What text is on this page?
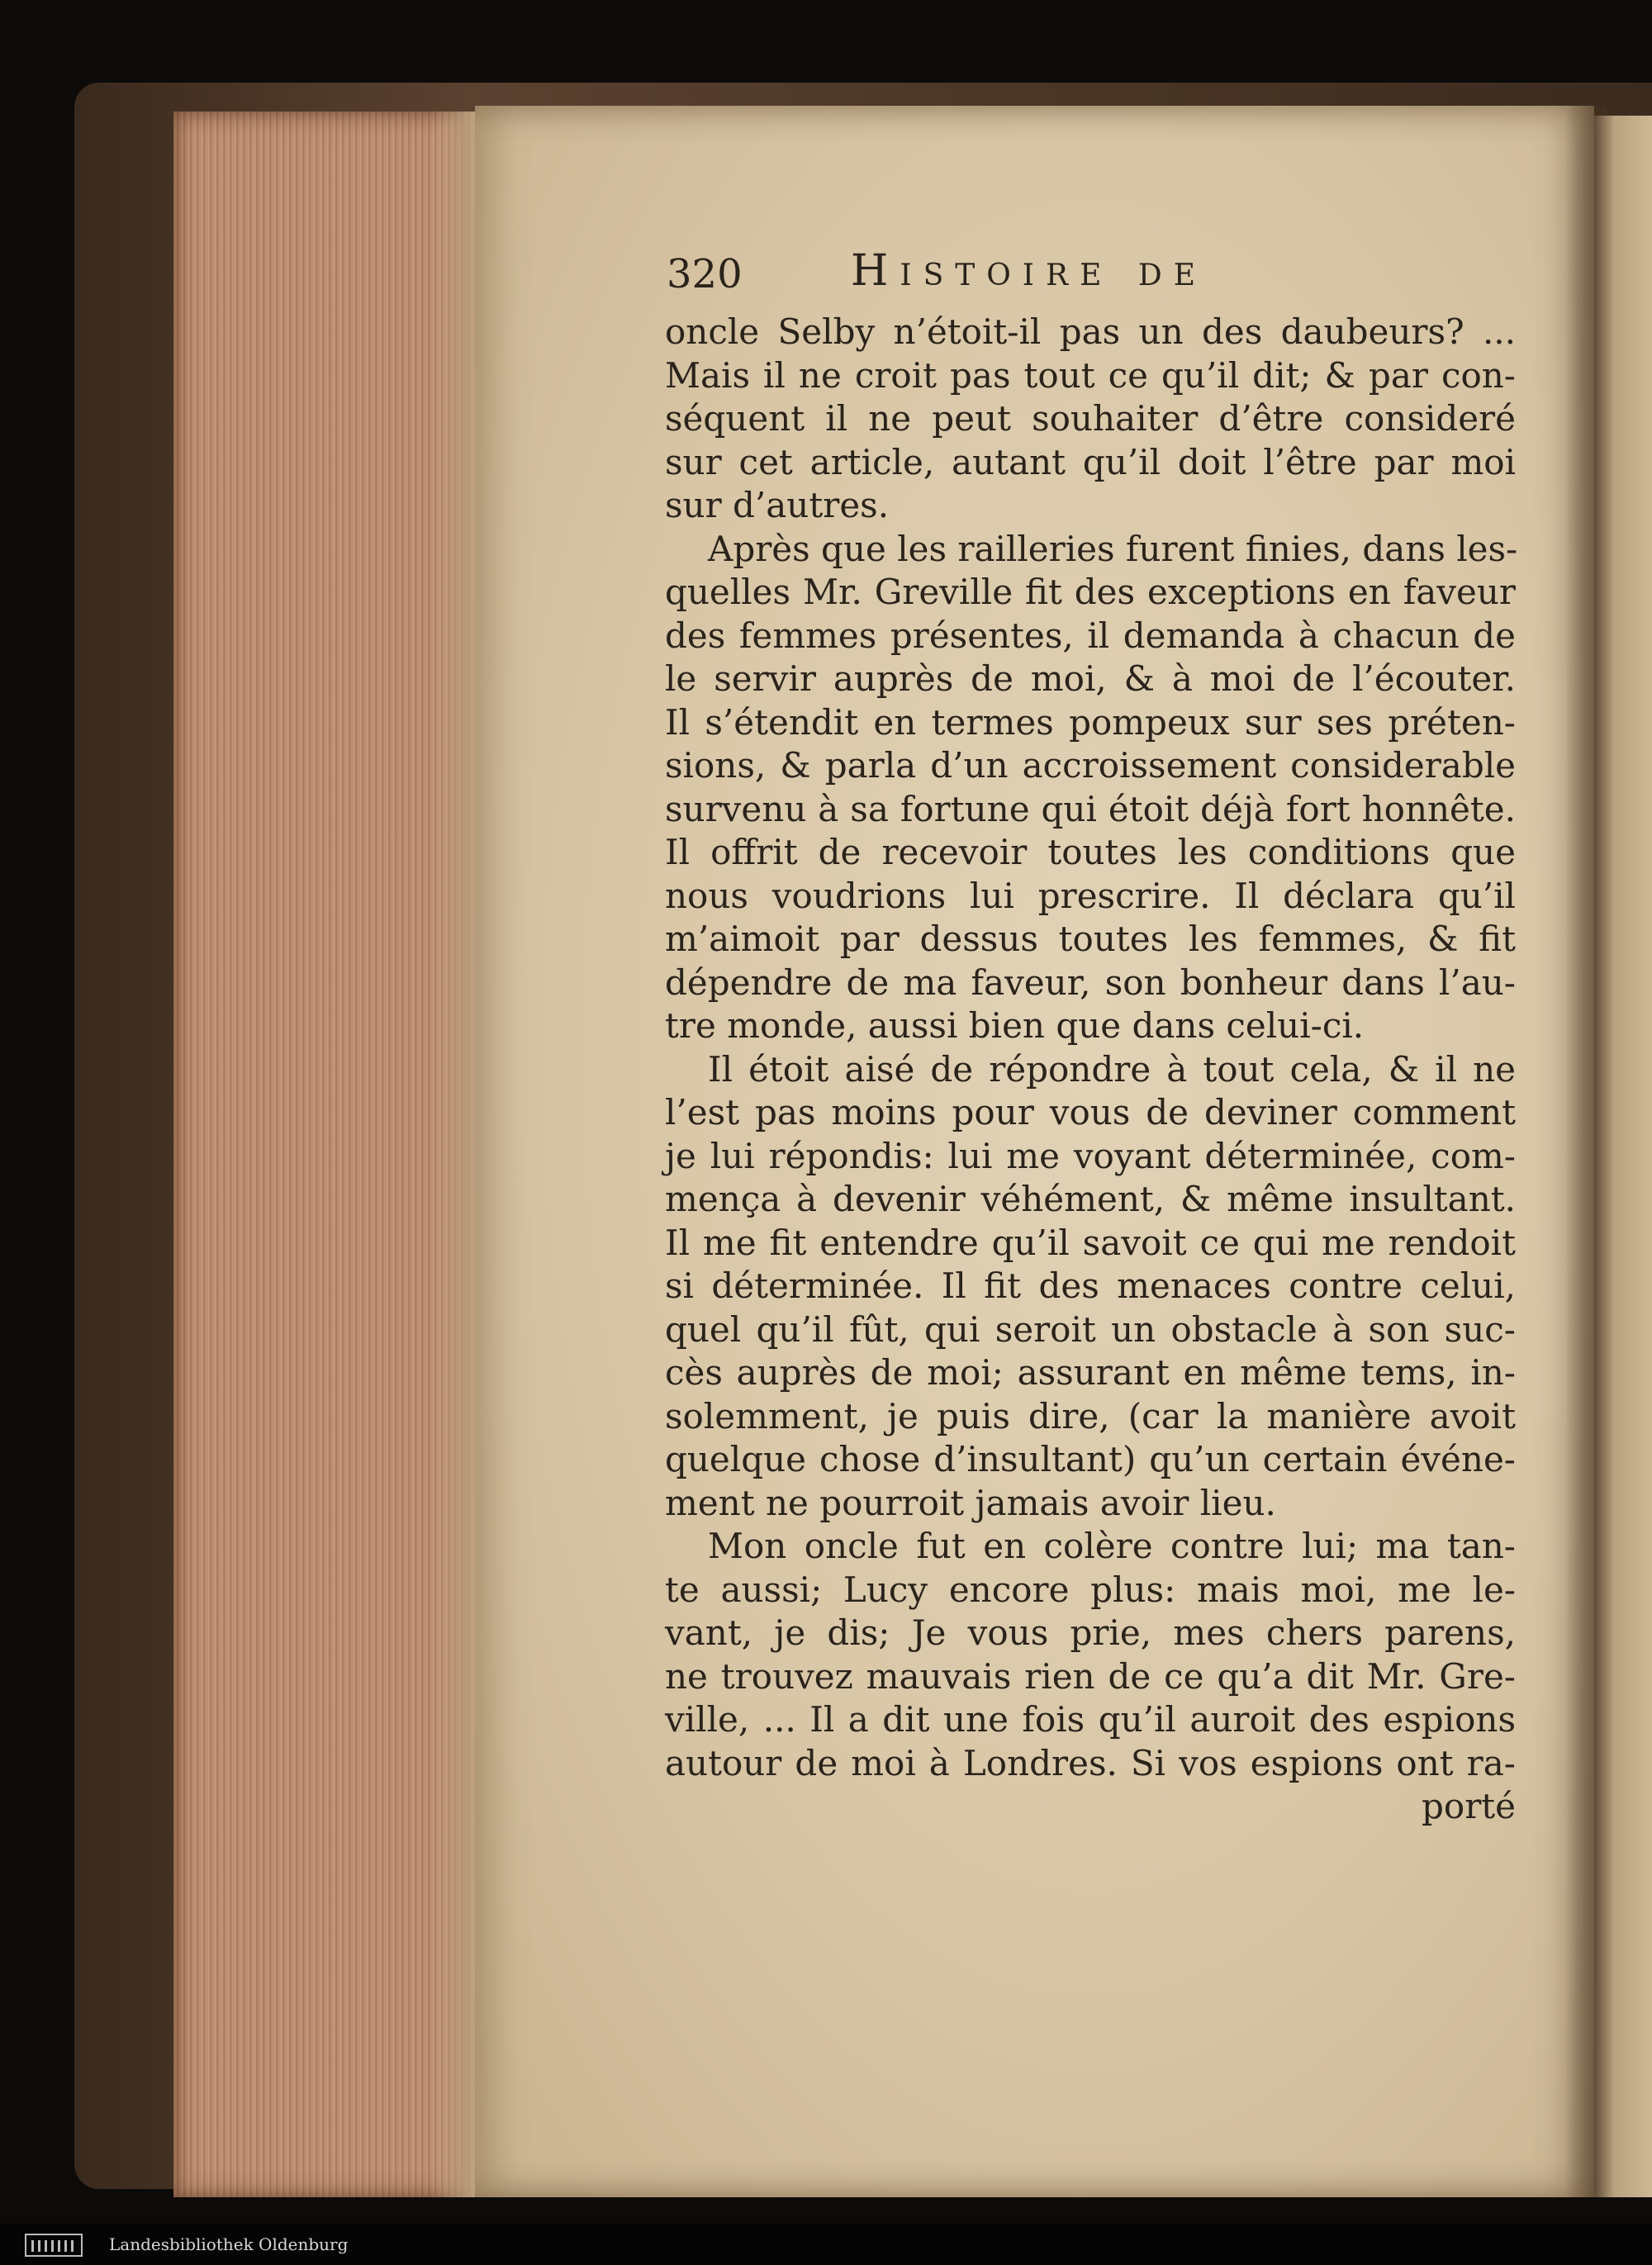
320	Histoire de
oncle Selby n’étoit-il pas un des daubeurs? ...
Mais il ne croit pas tout ce qu’il dit; & par con-
séquent il ne peut souhaiter d’être consideré
sur cet article, autant qu’il doit l’être par moi
sur d’autres.
Après que les railleries furent finies, dans les-
quelles Mr. Greville fit des exceptions en faveur
des femmes présentes, il demanda à chacun de
le servir auprès de moi, & à moi de l’écouter.
Il s’étendit en termes pompeux sur ses préten-
sions, & parla d’un accroissement considerable
survenu à sa fortune qui étoit déjà fort honnête.
Il offrit de recevoir toutes les conditions que
nous voudrions lui prescrire. Il déclara qu’il
m’aimoit par dessus toutes les femmes, & fit
dépendre de ma faveur, son bonheur dans l’au-
tre monde, aussi bien que dans celui-ci.
Il étoit aisé de répondre à tout cela, & il ne
l’est pas moins pour vous de deviner comment
je lui répondis: lui me voyant déterminée, com-
mença à devenir véhément, & même insultant.
Il me fit entendre qu’il savoit ce qui me rendoit
si déterminée. Il fit des menaces contre celui,
quel qu’il fût, qui seroit un obstacle à son suc-
cès auprès de moi; assurant en même tems, in-
solemment, je puis dire, (car la manière avoit
quelque chose d’insultant) qu’un certain événe-
ment ne pourroit jamais avoir lieu.
Mon oncle fut en colère contre lui; ma tan-
te aussi; Lucy encore plus: mais moi, me le-
vant, je dis; Je vous prie, mes chers parens,
ne trouvez mauvais rien de ce qu’a dit Mr. Gre-
ville, ... Il a dit une fois qu’il auroit des espions
autour de moi à Londres. Si vos espions ont ra-
porté
Landesbibliothek Oldenburg
